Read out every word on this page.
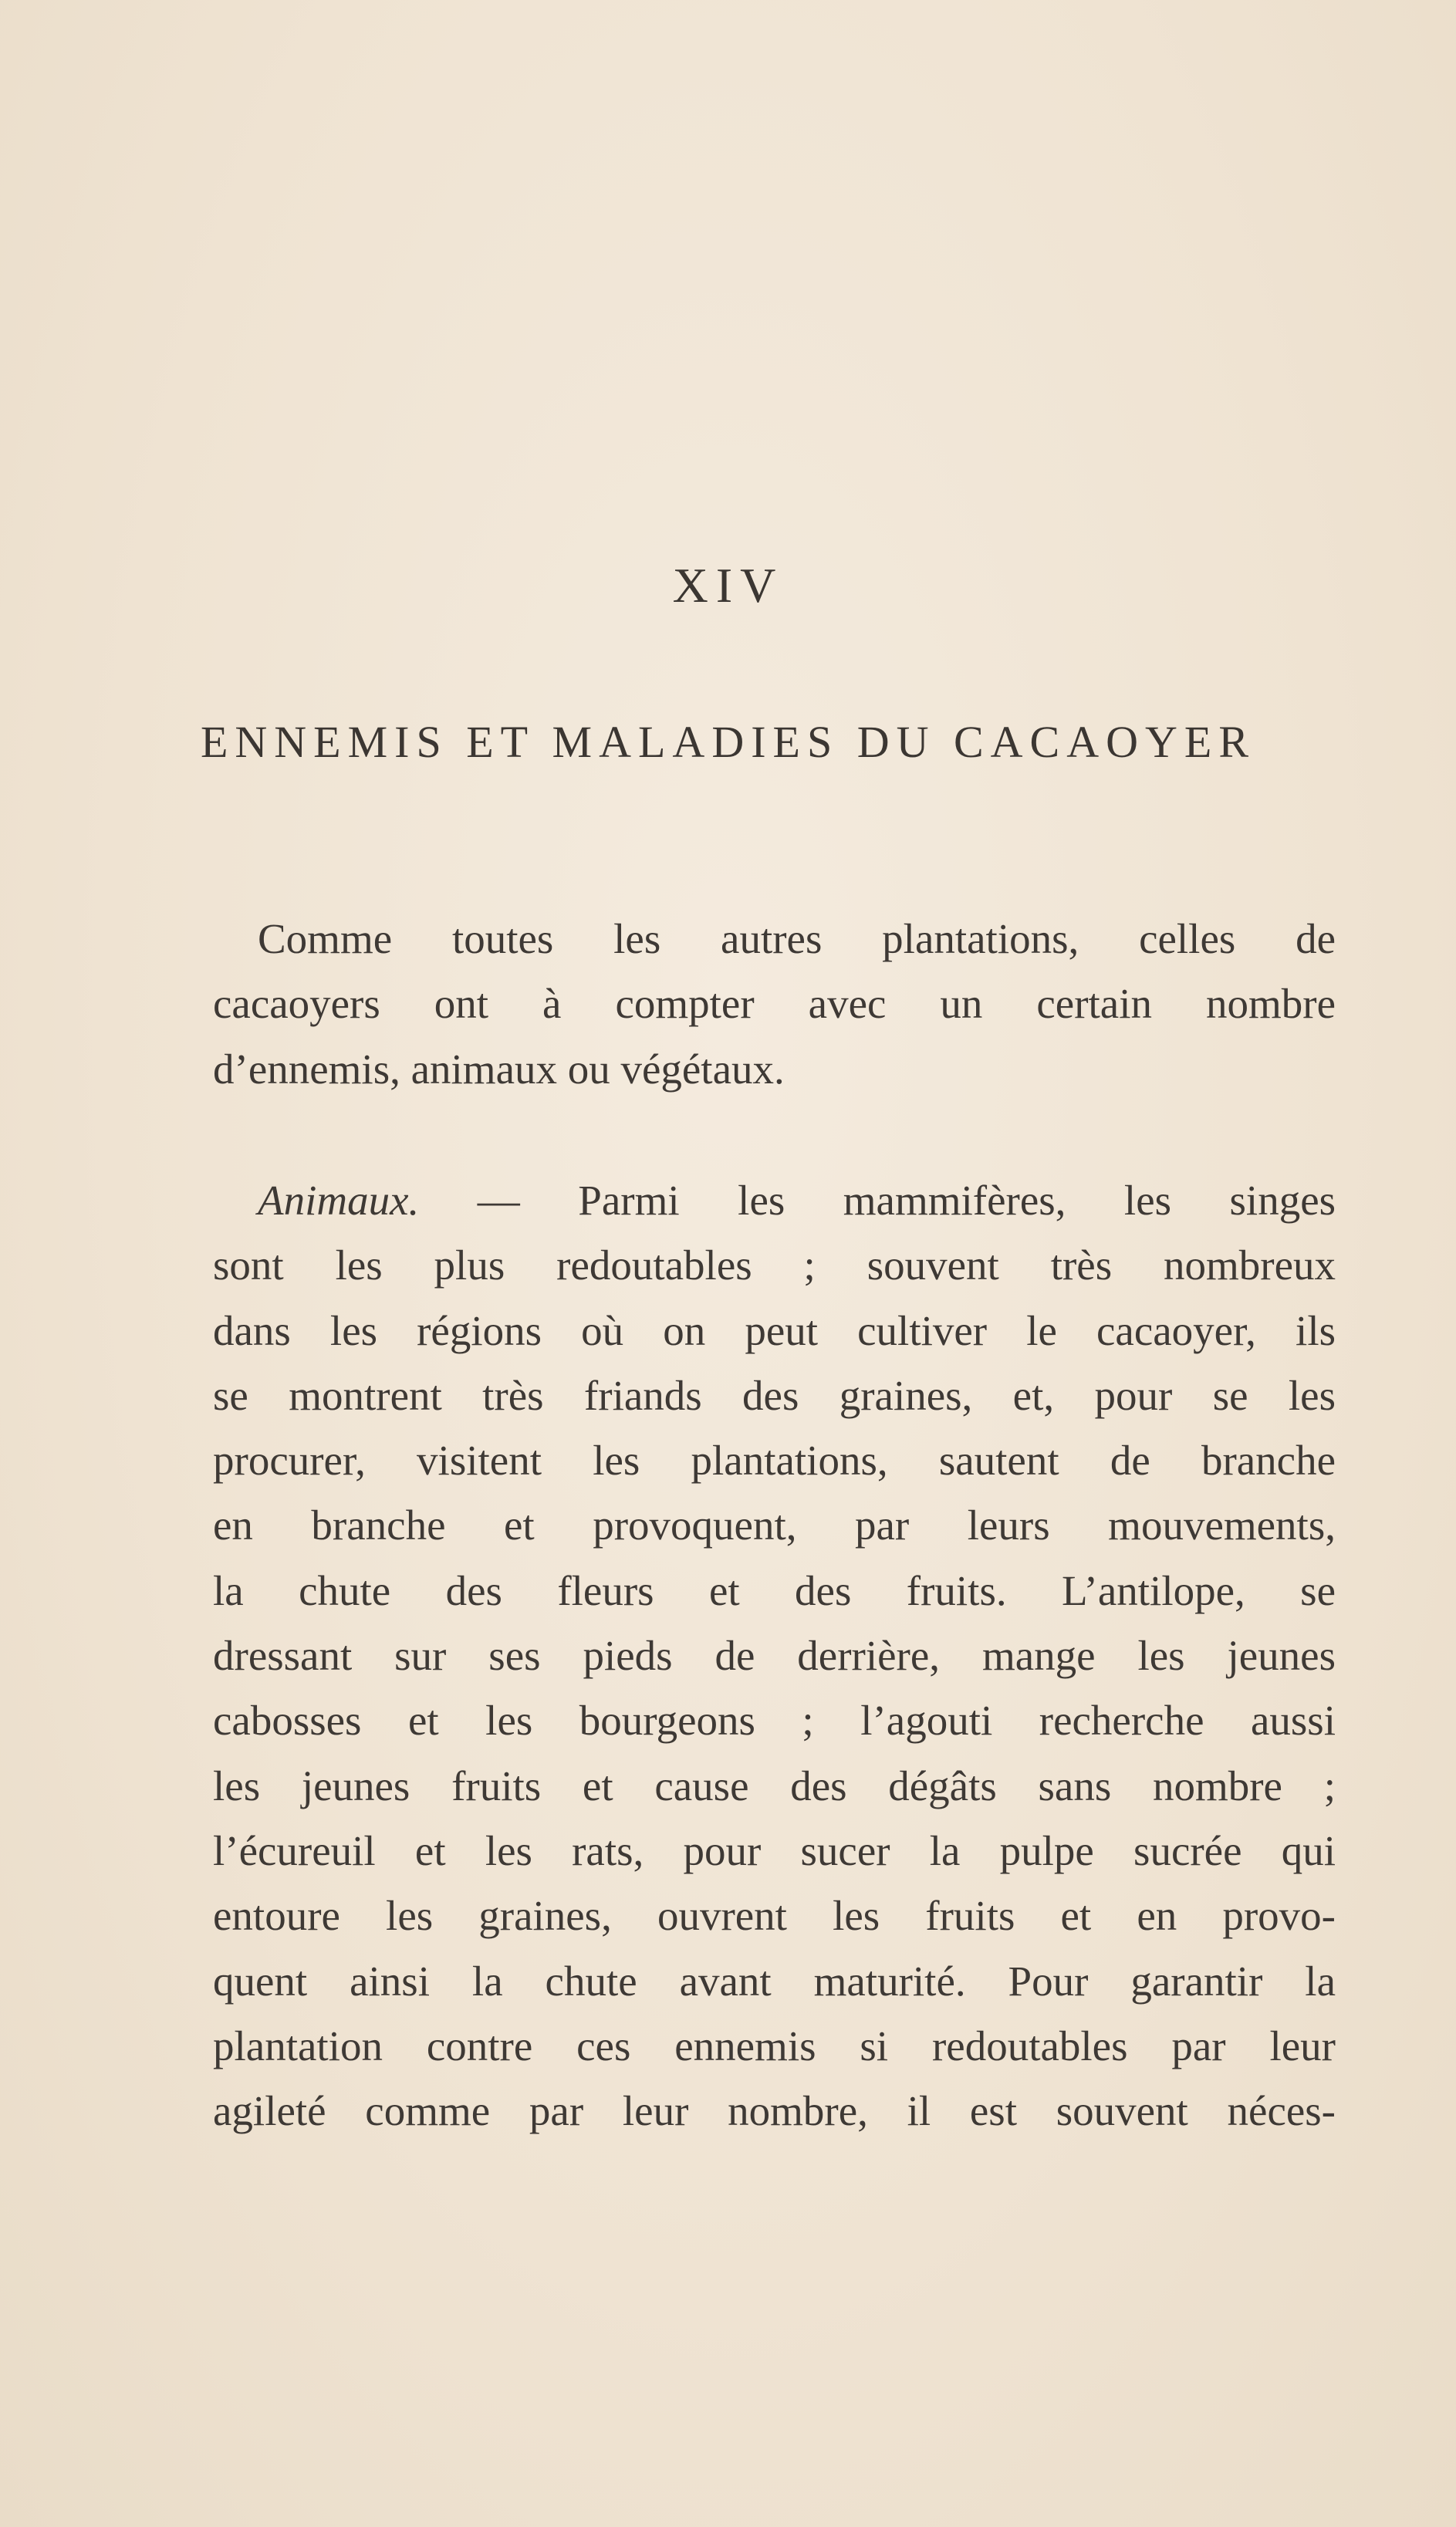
XIV
ENNEMIS ET MALADIES DU CACAOYER
Comme toutes les autres plantations, celles de
cacaoyers ont à compter avec un certain nombre
d’ennemis, animaux ou végétaux.
Animaux. — Parmi les mammifères, les singes
sont les plus redoutables ; souvent très nombreux
dans les régions où on peut cultiver le cacaoyer, ils
se montrent très friands des graines, et, pour se les
procurer, visitent les plantations, sautent de branche
en branche et provoquent, par leurs mouvements,
la chute des fleurs et des fruits. L’antilope, se
dressant sur ses pieds de derrière, mange les jeunes
cabosses et les bourgeons ; l’agouti recherche aussi
les jeunes fruits et cause des dégâts sans nombre ;
l’écureuil et les rats, pour sucer la pulpe sucrée qui
entoure les graines, ouvrent les fruits et en provo-
quent ainsi la chute avant maturité. Pour garantir la
plantation contre ces ennemis si redoutables par leur
agileté comme par leur nombre, il est souvent néces-
